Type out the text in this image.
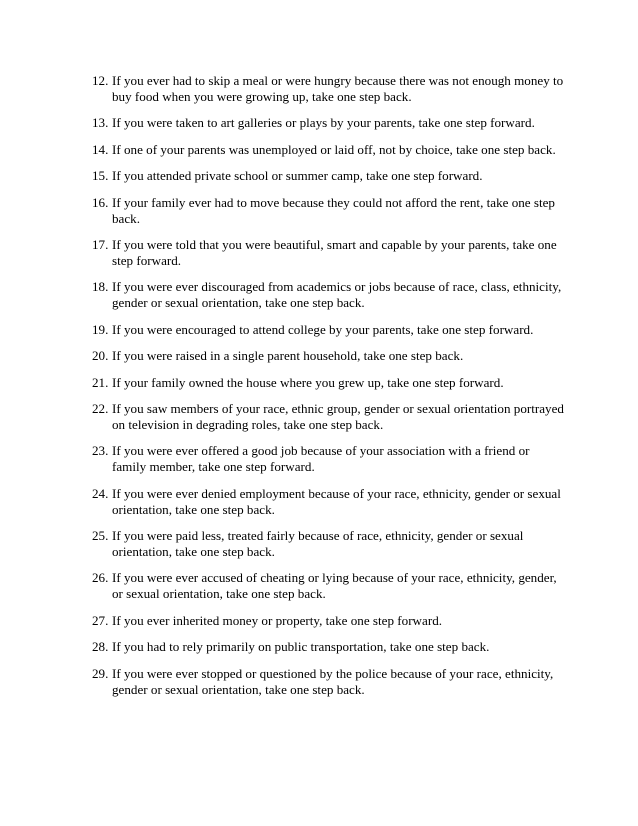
12. If you ever had to skip a meal or were hungry because there was not enough money to buy food when you were growing up, take one step back.
13. If you were taken to art galleries or plays by your parents, take one step forward.
14. If one of your parents was unemployed or laid off, not by choice, take one step back.
15. If you attended private school or summer camp, take one step forward.
16. If your family ever had to move because they could not afford the rent, take one step back.
17. If you were told that you were beautiful, smart and capable by your parents, take one step forward.
18. If you were ever discouraged from academics or jobs because of race, class, ethnicity, gender or sexual orientation, take one step back.
19. If you were encouraged to attend college by your parents, take one step forward.
20. If you were raised in a single parent household, take one step back.
21. If your family owned the house where you grew up, take one step forward.
22. If you saw members of your race, ethnic group, gender or sexual orientation portrayed on television in degrading roles, take one step back.
23. If you were ever offered a good job because of your association with a friend or family member, take one step forward.
24. If you were ever denied employment because of your race, ethnicity, gender or sexual orientation, take one step back.
25. If you were paid less, treated fairly because of race, ethnicity, gender or sexual orientation, take one step back.
26. If you were ever accused of cheating or lying because of your race, ethnicity, gender, or sexual orientation, take one step back.
27. If you ever inherited money or property, take one step forward.
28. If you had to rely primarily on public transportation, take one step back.
29. If you were ever stopped or questioned by the police because of your race, ethnicity, gender or sexual orientation, take one step back.
